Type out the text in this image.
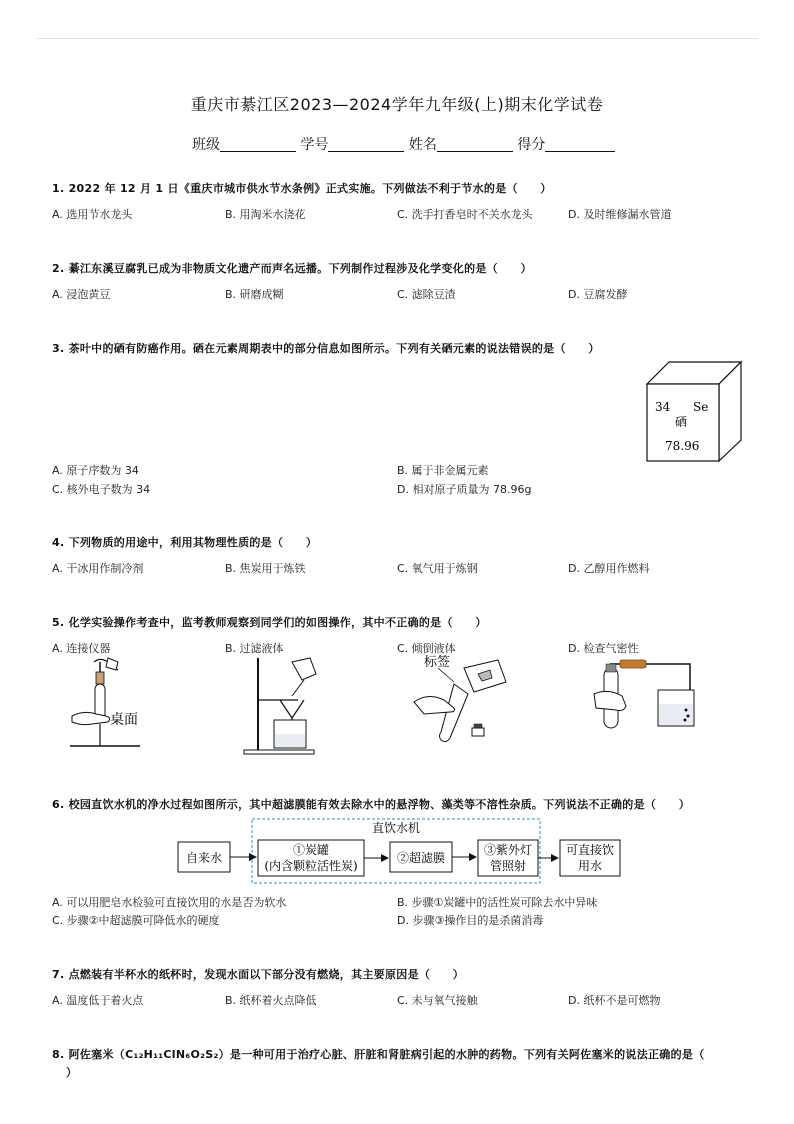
重庆市綦江区2023—2024学年九年级(上)期末化学试卷
班级	学号	姓名	得分
1. 2022 年 12 月 1 日《重庆市城市供水节水条例》正式实施。下列做法不利于节水的是（　　）
A. 选用节水龙头	B. 用淘米水浇花	C. 洗手打香皂时不关水龙头	D. 及时维修漏水管道
2. 綦江东溪豆腐乳已成为非物质文化遗产而声名远播。下列制作过程涉及化学变化的是（　　）
A. 浸泡黄豆	B. 研磨成糊	C. 滤除豆渣	D. 豆腐发酵
3. 茶叶中的硒有防癌作用。硒在元素周期表中的部分信息如图所示。下列有关硒元素的说法错误的是（　　）
34 Se
硒
78.96
A. 原子序数为 34	B. 属于非金属元素
C. 核外电子数为 34	D. 相对原子质量为 78.96g
4. 下列物质的用途中，利用其物理性质的是（　　）
A. 干冰用作制冷剂	B. 焦炭用于炼铁	C. 氧气用于炼钢	D. 乙醇用作燃料
5. 化学实验操作考查中，监考教师观察到同学们的如图操作，其中不正确的是（　　）
A. 连接仪器	B. 过滤液体	C. 倾倒液体	D. 检查气密性
桌面
标签
6. 校园直饮水机的净水过程如图所示，其中超滤膜能有效去除水中的悬浮物、藻类等不溶性杂质。下列说法不正确的是（　　）
直饮水机
自来水
①炭罐
(内含颗粒活性炭)
②超滤膜
③紫外灯
管照射
可直接饮
用水
A. 可以用肥皂水检验可直接饮用的水是否为软水	B. 步骤①炭罐中的活性炭可除去水中异味
C. 步骤②中超滤膜可降低水的硬度	D. 步骤③操作目的是杀菌消毒
7. 点燃装有半杯水的纸杯时，发现水面以下部分没有燃烧，其主要原因是（　　）
A. 温度低于着火点	B. 纸杯着火点降低	C. 未与氧气接触	D. 纸杯不是可燃物
8. 阿佐塞米（C₁₂H₁₁ClN₆O₂S₂）是一种可用于治疗心脏、肝脏和肾脏病引起的水肿的药物。下列有关阿佐塞米的说法正确的是（
）
